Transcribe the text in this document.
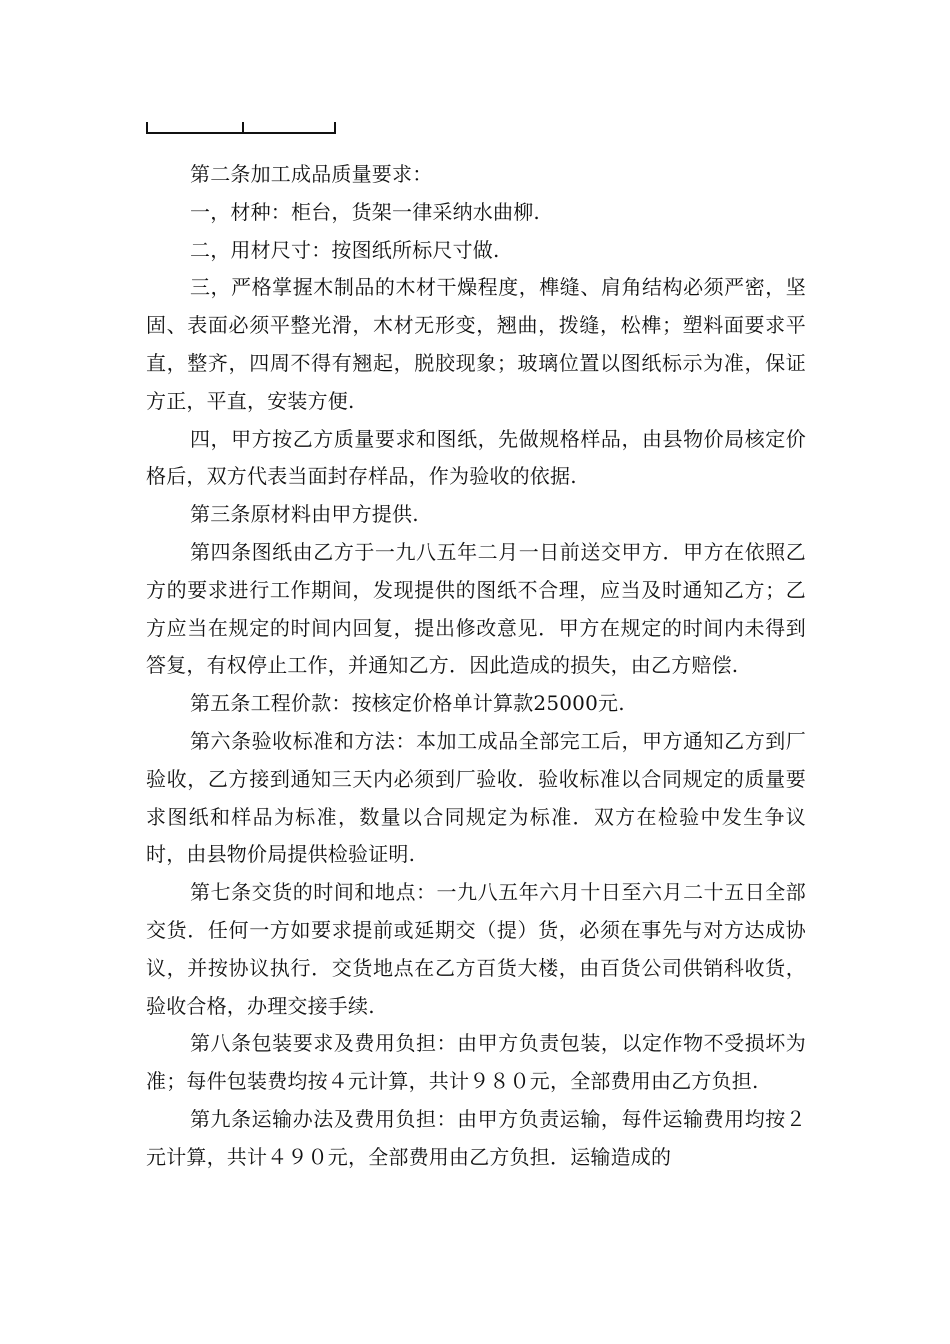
第二条加工成品质量要求：

一，材种：柜台，货架一律采纳水曲柳.

二，用材尺寸：按图纸所标尺寸做.

三，严格掌握木制品的木材干燥程度，榫缝、肩角结构必须严密，坚固、表面必须平整光滑，木材无形变，翘曲，拨缝，松榫；塑料面要求平直，整齐，四周不得有翘起，脱胶现象；玻璃位置以图纸标示为准，保证方正，平直，安装方便.

四，甲方按乙方质量要求和图纸，先做规格样品，由县物价局核定价格后，双方代表当面封存样品，作为验收的依据.

第三条原材料由甲方提供.

第四条图纸由乙方于一九八五年二月一日前送交甲方．甲方在依照乙方的要求进行工作期间，发现提供的图纸不合理，应当及时通知乙方；乙方应当在规定的时间内回复，提出修改意见．甲方在规定的时间内未得到答复，有权停止工作，并通知乙方．因此造成的损失，由乙方赔偿.

第五条工程价款：按核定价格单计算款25000元.

第六条验收标准和方法：本加工成品全部完工后，甲方通知乙方到厂验收，乙方接到通知三天内必须到厂验收．验收标准以合同规定的质量要求图纸和样品为标准，数量以合同规定为标准．双方在检验中发生争议时，由县物价局提供检验证明.

第七条交货的时间和地点：一九八五年六月十日至六月二十五日全部交货．任何一方如要求提前或延期交（提）货，必须在事先与对方达成协议，并按协议执行．交货地点在乙方百货大楼，由百货公司供销科收货，验收合格，办理交接手续.

第八条包装要求及费用负担：由甲方负责包装，以定作物不受损坏为准；每件包装费均按４元计算，共计９８０元，全部费用由乙方负担.

第九条运输办法及费用负担：由甲方负责运输，每件运输费用均按２元计算，共计４９０元，全部费用由乙方负担．运输造成的
